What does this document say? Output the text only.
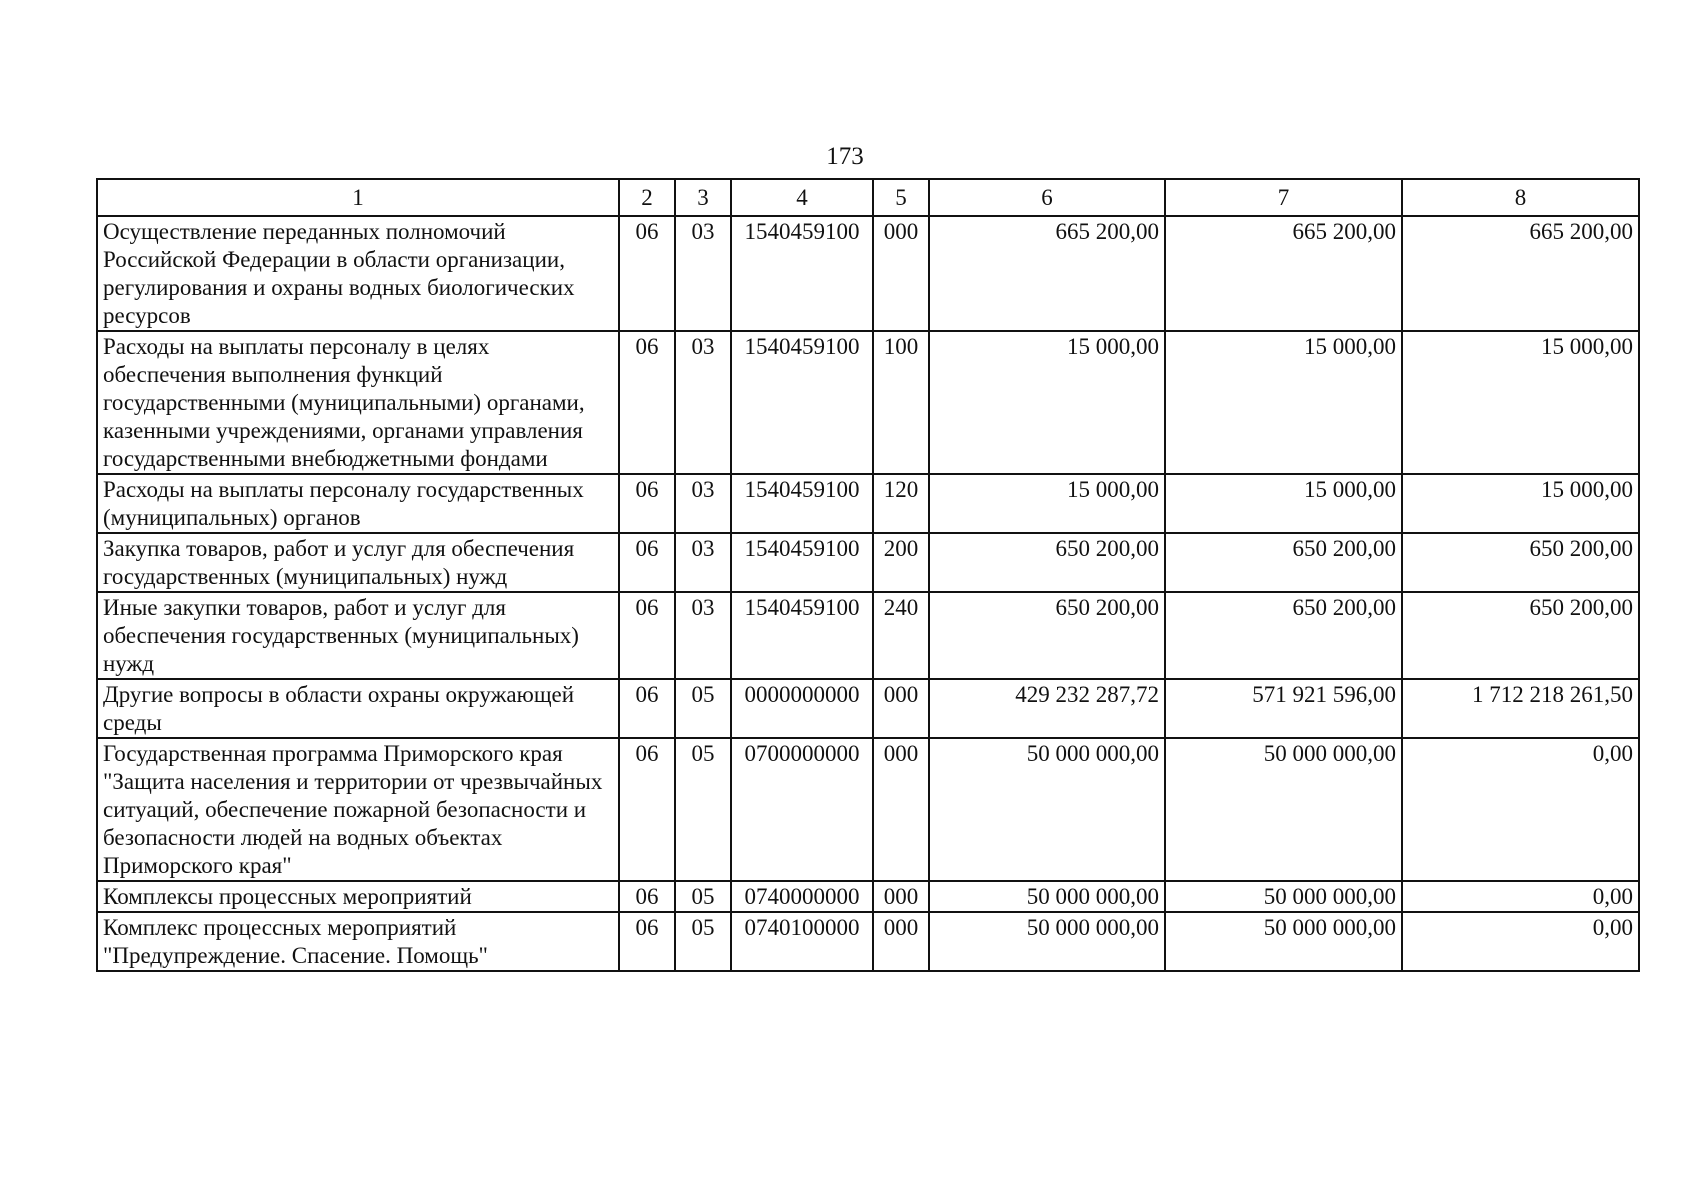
173
1	2	3	4	5	6	7	8
Осуществление переданных полномочий Российской Федерации в области организации, регулирования и охраны водных биологических ресурсов	06	03	1540459100	000	665 200,00	665 200,00	665 200,00
Расходы на выплаты персоналу в целях обеспечения выполнения функций государственными (муниципальными) органами, казенными учреждениями, органами управления государственными внебюджетными фондами	06	03	1540459100	100	15 000,00	15 000,00	15 000,00
Расходы на выплаты персоналу государственных (муниципальных) органов	06	03	1540459100	120	15 000,00	15 000,00	15 000,00
Закупка товаров, работ и услуг для обеспечения государственных (муниципальных) нужд	06	03	1540459100	200	650 200,00	650 200,00	650 200,00
Иные закупки товаров, работ и услуг для обеспечения государственных (муниципальных) нужд	06	03	1540459100	240	650 200,00	650 200,00	650 200,00
Другие вопросы в области охраны окружающей среды	06	05	0000000000	000	429 232 287,72	571 921 596,00	1 712 218 261,50
Государственная программа Приморского края "Защита населения и территории от чрезвычайных ситуаций, обеспечение пожарной безопасности и безопасности людей на водных объектах Приморского края"	06	05	0700000000	000	50 000 000,00	50 000 000,00	0,00
Комплексы процессных мероприятий	06	05	0740000000	000	50 000 000,00	50 000 000,00	0,00
Комплекс процессных мероприятий "Предупреждение. Спасение. Помощь"	06	05	0740100000	000	50 000 000,00	50 000 000,00	0,00
